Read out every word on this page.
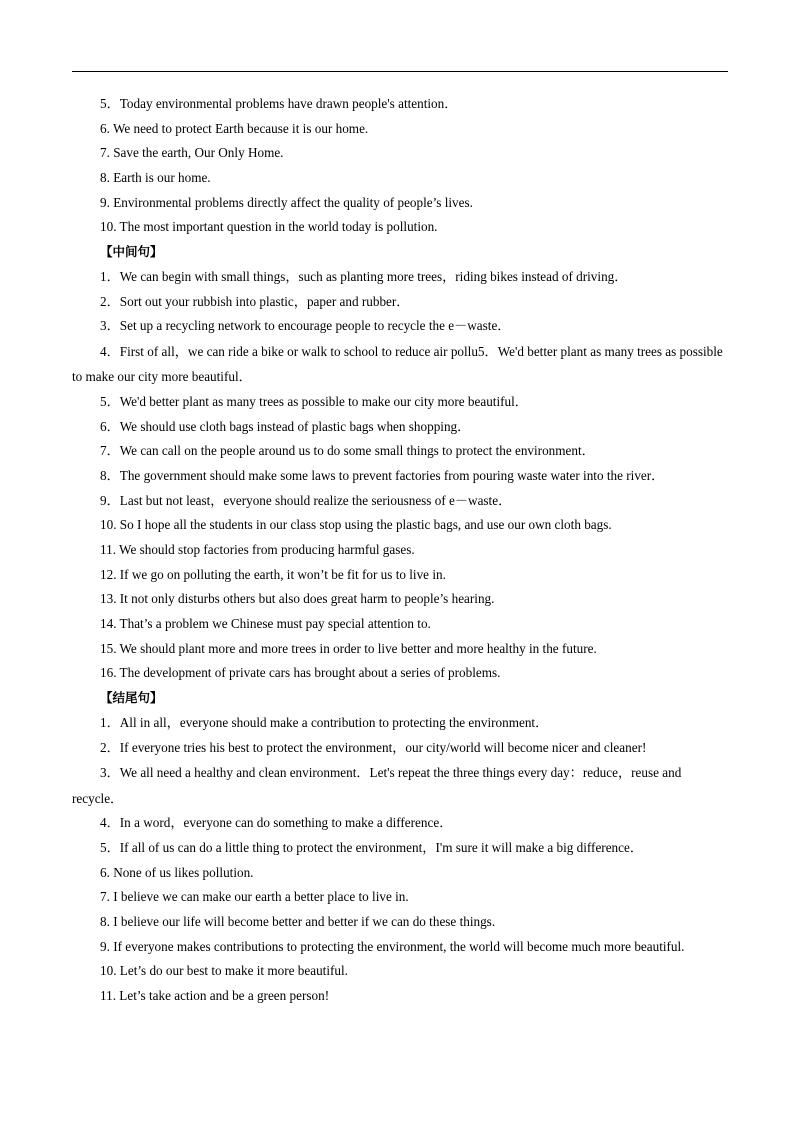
5．Today environmental problems have drawn people's attention．
6. We need to protect Earth because it is our home.
7. Save the earth, Our Only Home.
8. Earth is our home.
9. Environmental problems directly affect the quality of people’s lives.
10. The most important question in the world today is pollution.
【中间句】
1．We can begin with small things，such as planting more trees，riding bikes instead of driving．
2．Sort out your rubbish into plastic，paper and rubber．
3．Set up a recycling network to encourage people to recycle the e－waste．
4．First of all，we can ride a bike or walk to school to reduce air pollu5．We'd better plant as many trees as possible to make our city more beautiful．
5．We'd better plant as many trees as possible to make our city more beautiful．
6．We should use cloth bags instead of plastic bags when shopping．
7．We can call on the people around us to do some small things to protect the environment．
8．The government should make some laws to prevent factories from pouring waste water into the river．
9．Last but not least，everyone should realize the seriousness of e－waste．
10. So I hope all the students in our class stop using the plastic bags, and use our own cloth bags.
11. We should stop factories from producing harmful gases.
12. If we go on polluting the earth, it won’t be fit for us to live in.
13. It not only disturbs others but also does great harm to people’s hearing.
14. That’s a problem we Chinese must pay special attention to.
15. We should plant more and more trees in order to live better and more healthy in the future.
16. The development of private cars has brought about a series of problems.
【结尾句】
1．All in all，everyone should make a contribution to protecting the environment．
2．If everyone tries his best to protect the environment，our city/world will become nicer and cleaner!
3．We all need a healthy and clean environment．Let's repeat the three things every day：reduce，reuse and recycle．
4．In a word，everyone can do something to make a difference．
5．If all of us can do a little thing to protect the environment，I'm sure it will make a big difference．
6. None of us likes pollution.
7. I believe we can make our earth a better place to live in.
8. I believe our life will become better and better if we can do these things.
9. If everyone makes contributions to protecting the environment, the world will become much more beautiful.
10. Let’s do our best to make it more beautiful.
11. Let’s take action and be a green person!
